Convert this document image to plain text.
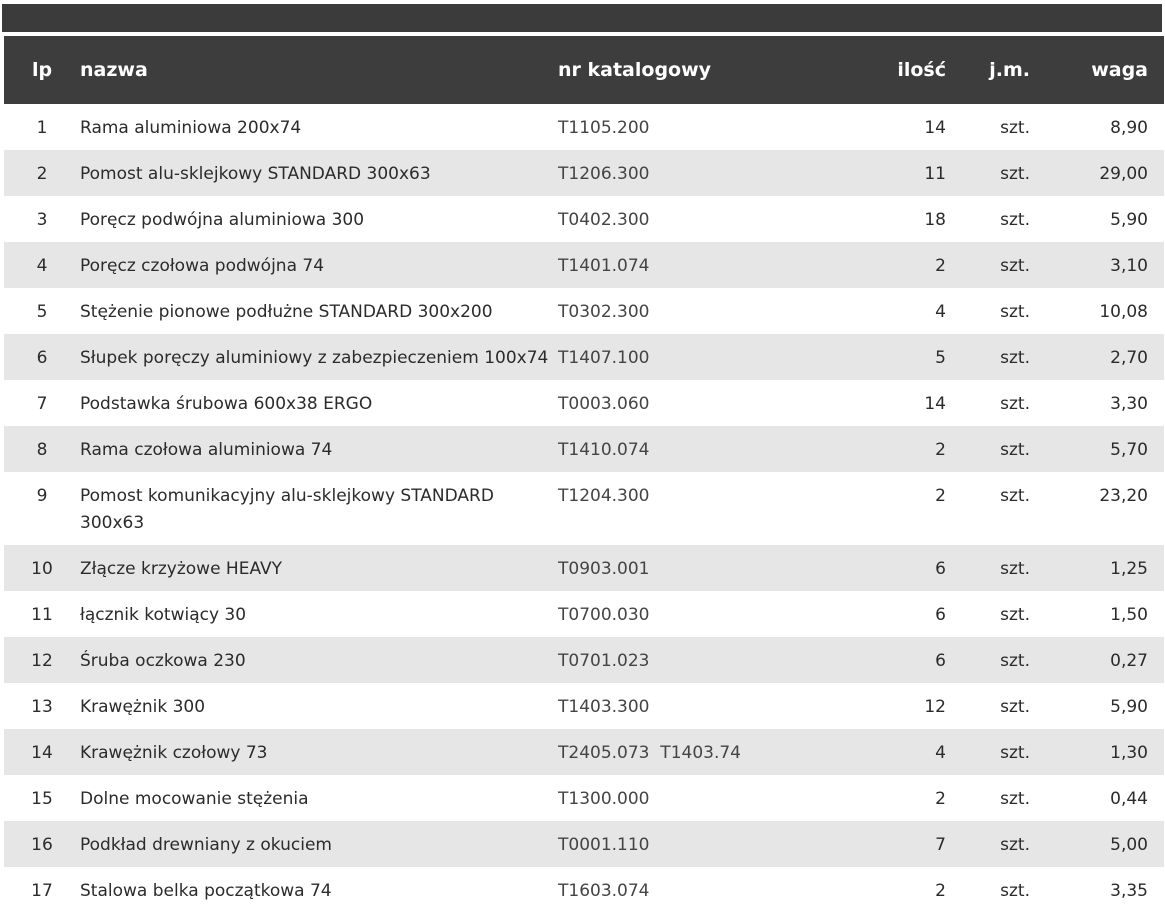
lp	nazwa	nr katalogowy	ilość	j.m.	waga
1	Rama aluminiowa 200x74	T1105.200	14	szt.	8,90
2	Pomost alu-sklejkowy STANDARD 300x63	T1206.300	11	szt.	29,00
3	Poręcz podwójna aluminiowa 300	T0402.300	18	szt.	5,90
4	Poręcz czołowa podwójna 74	T1401.074	2	szt.	3,10
5	Stężenie pionowe podłużne STANDARD 300x200	T0302.300	4	szt.	10,08
6	Słupek poręczy aluminiowy z zabezpieczeniem 100x74	T1407.100	5	szt.	2,70
7	Podstawka śrubowa 600x38 ERGO	T0003.060	14	szt.	3,30
8	Rama czołowa aluminiowa 74	T1410.074	2	szt.	5,70
9	Pomost komunikacyjny alu-sklejkowy STANDARD 300x63	T1204.300	2	szt.	23,20
10	Złącze krzyżowe HEAVY	T0903.001	6	szt.	1,25
11	łącznik kotwiący 30	T0700.030	6	szt.	1,50
12	Śruba oczkowa 230	T0701.023	6	szt.	0,27
13	Krawężnik 300	T1403.300	12	szt.	5,90
14	Krawężnik czołowy 73	T2405.073  T1403.74	4	szt.	1,30
15	Dolne mocowanie stężenia	T1300.000	2	szt.	0,44
16	Podkład drewniany z okuciem	T0001.110	7	szt.	5,00
17	Stalowa belka początkowa 74	T1603.074	2	szt.	3,35
